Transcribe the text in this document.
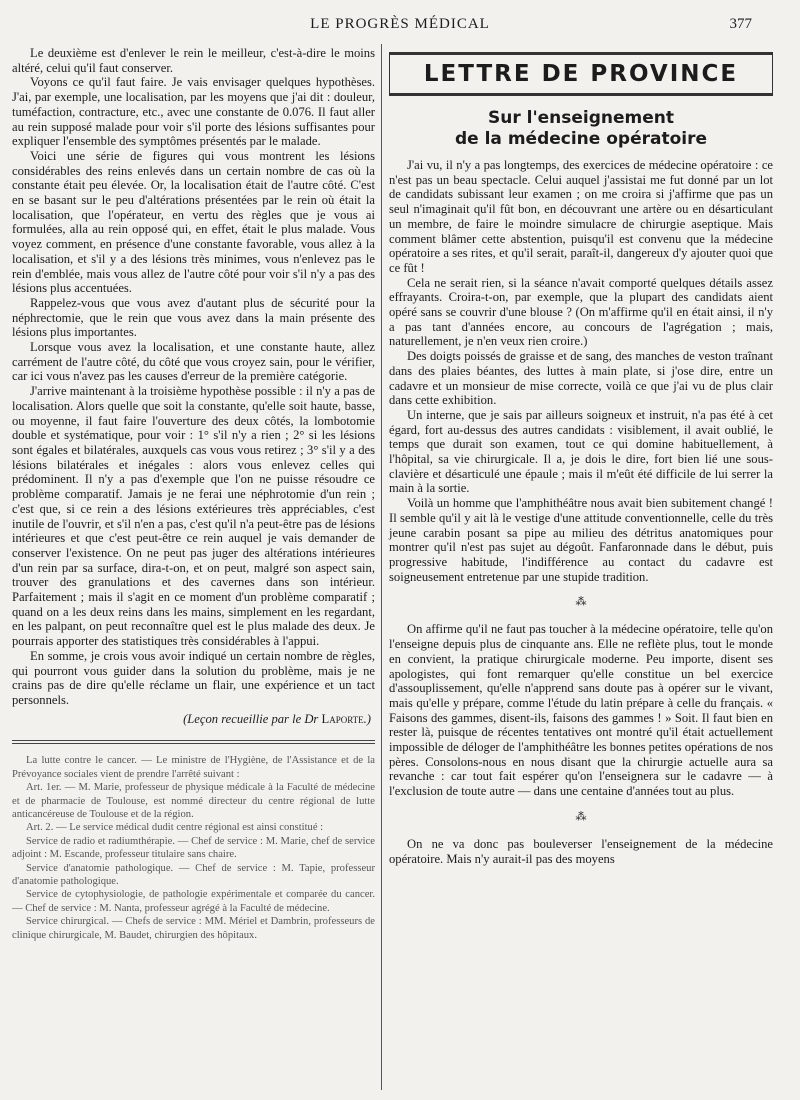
LE PROGRÈS MÉDICAL	377

Le deuxième est d'enlever le rein le meilleur, c'est-à-dire le moins altéré, celui qu'il faut conserver.

Voyons ce qu'il faut faire. Je vais envisager quelques hypothèses. J'ai, par exemple, une localisation, par les moyens que j'ai dit : douleur, tuméfaction, contracture, etc., avec une constante de 0.076. Il faut aller au rein supposé malade pour voir s'il porte des lésions suffisantes pour expliquer l'ensemble des symptômes présentés par le malade.

Voici une série de figures qui vous montrent les lésions considérables des reins enlevés dans un certain nombre de cas où la constante était peu élevée. Or, la localisation était de l'autre côté. C'est en se basant sur le peu d'altérations présentées par le rein où était la localisation, que l'opérateur, en vertu des règles que je vous ai formulées, alla au rein opposé qui, en effet, était le plus malade. Vous voyez comment, en présence d'une constante favorable, vous allez à la localisation, et s'il y a des lésions très minimes, vous n'enlevez pas le rein d'emblée, mais vous allez de l'autre côté pour voir s'il n'y a pas des lésions plus accentuées.

Rappelez-vous que vous avez d'autant plus de sécurité pour la néphrectomie, que le rein que vous avez dans la main présente des lésions plus importantes.

Lorsque vous avez la localisation, et une constante haute, allez carrément de l'autre côté, du côté que vous croyez sain, pour le vérifier, car ici vous n'avez pas les causes d'erreur de la première catégorie.

J'arrive maintenant à la troisième hypothèse possible : il n'y a pas de localisation. Alors quelle que soit la constante, qu'elle soit haute, basse, ou moyenne, il faut faire l'ouverture des deux côtés, la lombotomie double et systématique, pour voir : 1° s'il n'y a rien ; 2° si les lésions sont égales et bilatérales, auxquels cas vous vous retirez ; 3° s'il y a des lésions bilatérales et inégales : alors vous enlevez celles qui prédominent. Il n'y a pas d'exemple que l'on ne puisse résoudre ce problème comparatif. Jamais je ne ferai une néphrotomie d'un rein ; c'est que, si ce rein a des lésions extérieures très appréciables, c'est inutile de l'ouvrir, et s'il n'en a pas, c'est qu'il n'a peut-être pas de lésions intérieures et que c'est peut-être ce rein auquel je vais demander de conserver l'existence. On ne peut pas juger des altérations intérieures d'un rein par sa surface, dira-t-on, et on peut, malgré son aspect sain, trouver des granulations et des cavernes dans son intérieur. Parfaitement ; mais il s'agit en ce moment d'un problème comparatif ; quand on a les deux reins dans les mains, simplement en les regardant, en les palpant, on peut reconnaître quel est le plus malade des deux. Je pourrais apporter des statistiques très considérables à l'appui.

En somme, je crois vous avoir indiqué un certain nombre de règles, qui pourront vous guider dans la solution du problème, mais je ne crains pas de dire qu'elle réclame un flair, une expérience et un tact personnels.

(Leçon recueillie par le Dr Laporte.)

La lutte contre le cancer. — Le ministre de l'Hygiène, de l'Assistance et de la Prévoyance sociales vient de prendre l'arrêté suivant :

Art. 1er. — M. Marie, professeur de physique médicale à la Faculté de médecine et de pharmacie de Toulouse, est nommé directeur du centre régional de lutte anticancéreuse de Toulouse et de la région.

Art. 2. — Le service médical dudit centre régional est ainsi constitué :

Service de radio et radiumthérapie. — Chef de service : M. Marie, chef de service adjoint : M. Escande, professeur titulaire sans chaire.

Service d'anatomie pathologique. — Chef de service : M. Tapie, professeur d'anatomie pathologique.

Service de cytophysiologie, de pathologie expérimentale et comparée du cancer. — Chef de service : M. Nanta, professeur agrégé à la Faculté de médecine.

Service chirurgical. — Chefs de service : MM. Mériel et Dambrin, professeurs de clinique chirurgicale, M. Baudet, chirurgien des hôpitaux.

LETTRE DE PROVINCE
Sur l'enseignement
de la médecine opératoire

J'ai vu, il n'y a pas longtemps, des exercices de médecine opératoire : ce n'est pas un beau spectacle. Celui auquel j'assistai me fut donné par un lot de candidats subissant leur examen ; on me croira si j'affirme que pas un seul n'imaginait qu'il fût bon, en découvrant une artère ou en désarticulant un membre, de faire le moindre simulacre de chirurgie aseptique. Mais comment blâmer cette abstention, puisqu'il est convenu que la médecine opératoire a ses rites, et qu'il serait, paraît-il, dangereux d'y ajouter quoi que ce fût !

Cela ne serait rien, si la séance n'avait comporté quelques détails assez effrayants. Croira-t-on, par exemple, que la plupart des candidats aient opéré sans se couvrir d'une blouse ? (On m'affirme qu'il en était ainsi, il n'y a pas tant d'années encore, au concours de l'agrégation ; mais, naturellement, je n'en veux rien croire.)

Des doigts poissés de graisse et de sang, des manches de veston traînant dans des plaies béantes, des luttes à main plate, si j'ose dire, entre un cadavre et un monsieur de mise correcte, voilà ce que j'ai vu de plus clair dans cette exhibition.

Un interne, que je sais par ailleurs soigneux et instruit, n'a pas été à cet égard, fort au-dessus des autres candidats : visiblement, il avait oublié, le temps que durait son examen, tout ce qui domine habituellement, à l'hôpital, sa vie chirurgicale. Il a, je dois le dire, fort bien lié une sous-clavière et désarticulé une épaule ; mais il m'eût été difficile de lui serrer la main à la sortie.

Voilà un homme que l'amphithéâtre nous avait bien subitement changé ! Il semble qu'il y ait là le vestige d'une attitude conventionnelle, celle du très jeune carabin posant sa pipe au milieu des détritus anatomiques pour montrer qu'il n'est pas sujet au dégoût. Fanfaronnade dans le début, puis progressive habitude, l'indifférence au contact du cadavre est soigneusement entretenue par une stupide tradition.

⁂

On affirme qu'il ne faut pas toucher à la médecine opératoire, telle qu'on l'enseigne depuis plus de cinquante ans. Elle ne reflète plus, tout le monde en convient, la pratique chirurgicale moderne. Peu importe, disent ses apologistes, qui font remarquer qu'elle constitue un bel exercice d'assouplissement, qu'elle n'apprend sans doute pas à opérer sur le vivant, mais qu'elle y prépare, comme l'étude du latin prépare à celle du français. « Faisons des gammes, disent-ils, faisons des gammes ! » Soit. Il faut bien en rester là, puisque de récentes tentatives ont montré qu'il était actuellement impossible de déloger de l'amphithéâtre les bonnes petites opérations de nos pères. Consolons-nous en nous disant que la chirurgie actuelle aura sa revanche : car tout fait espérer qu'on l'enseignera sur le cadavre — à l'exclusion de toute autre — dans une centaine d'années tout au plus.

⁂

On ne va donc pas bouleverser l'enseignement de la médecine opératoire. Mais n'y aurait-il pas des moyens
